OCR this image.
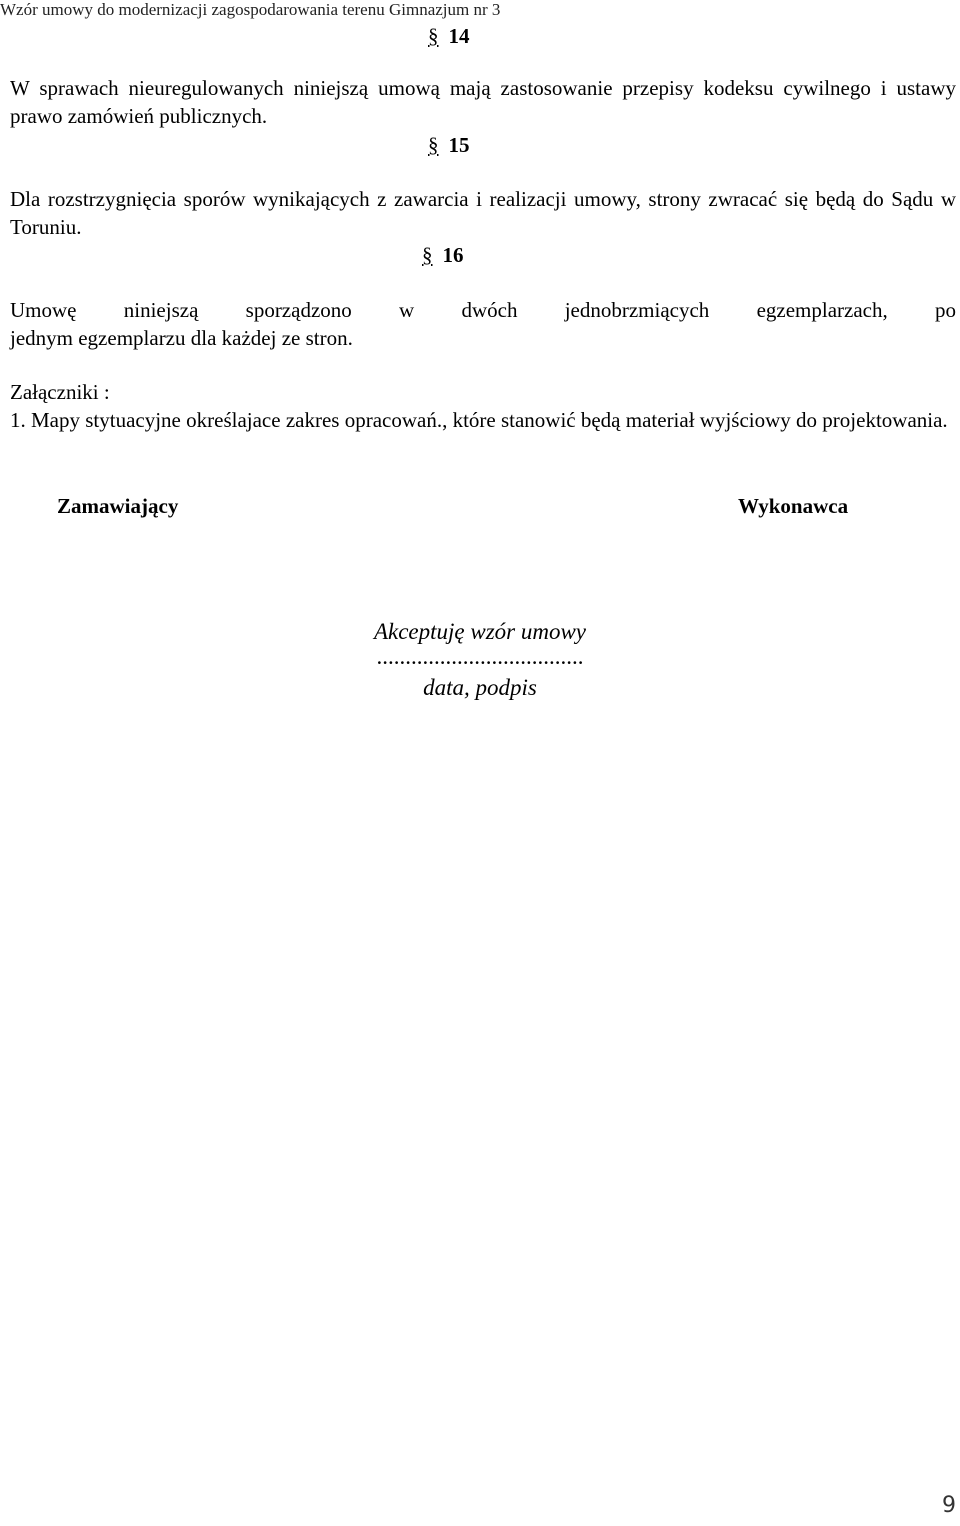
Wzór umowy do modernizacji zagospodarowania terenu Gimnazjum nr 3
§ 14
W sprawach nieuregulowanych niniejszą umową mają zastosowanie przepisy kodeksu cywilnego i ustawy prawo zamówień publicznych.
§ 15
Dla rozstrzygnięcia sporów wynikających z zawarcia i realizacji umowy, strony zwracać się będą do Sądu w Toruniu.
§ 16
Umowę niniejszą sporządzono w dwóch jednobrzmiących egzemplarzach, po
jednym egzemplarzu dla każdej ze stron.
Załączniki :
1. Mapy stytuacyjne określajace zakres opracowań., które stanowić będą materiał wyjściowy do projektowania.
Zamawiający	Wykonawca
Akceptuję wzór umowy
....................................
data, podpis
9
